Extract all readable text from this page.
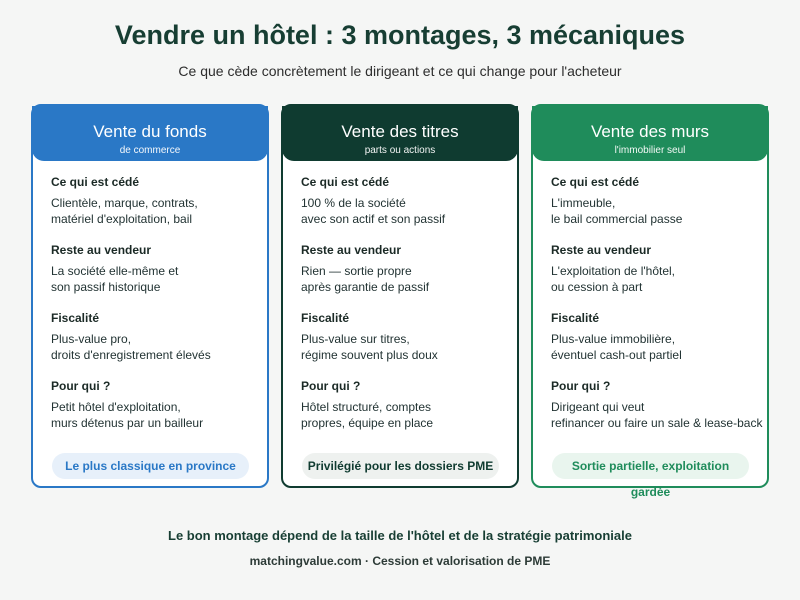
Vendre un hôtel : 3 montages, 3 mécaniques
Ce que cède concrètement le dirigeant et ce qui change pour l'acheteur
Vente du fonds
de commerce
Ce qui est cédé
Clientèle, marque, contrats,
matériel d'exploitation, bail
Reste au vendeur
La société elle-même et
son passif historique
Fiscalité
Plus-value pro,
droits d'enregistrement élevés
Pour qui ?
Petit hôtel d'exploitation,
murs détenus par un bailleur
Le plus classique en province
Vente des titres
parts ou actions
Ce qui est cédé
100 % de la société
avec son actif et son passif
Reste au vendeur
Rien — sortie propre
après garantie de passif
Fiscalité
Plus-value sur titres,
régime souvent plus doux
Pour qui ?
Hôtel structuré, comptes
propres, équipe en place
Privilégié pour les dossiers PME
Vente des murs
l'immobilier seul
Ce qui est cédé
L'immeuble,
le bail commercial passe
Reste au vendeur
L'exploitation de l'hôtel,
ou cession à part
Fiscalité
Plus-value immobilière,
éventuel cash-out partiel
Pour qui ?
Dirigeant qui veut
refinancer ou faire un sale & lease-back
Sortie partielle, exploitation gardée
Le bon montage dépend de la taille de l'hôtel et de la stratégie patrimoniale
matchingvalue.com · Cession et valorisation de PME
